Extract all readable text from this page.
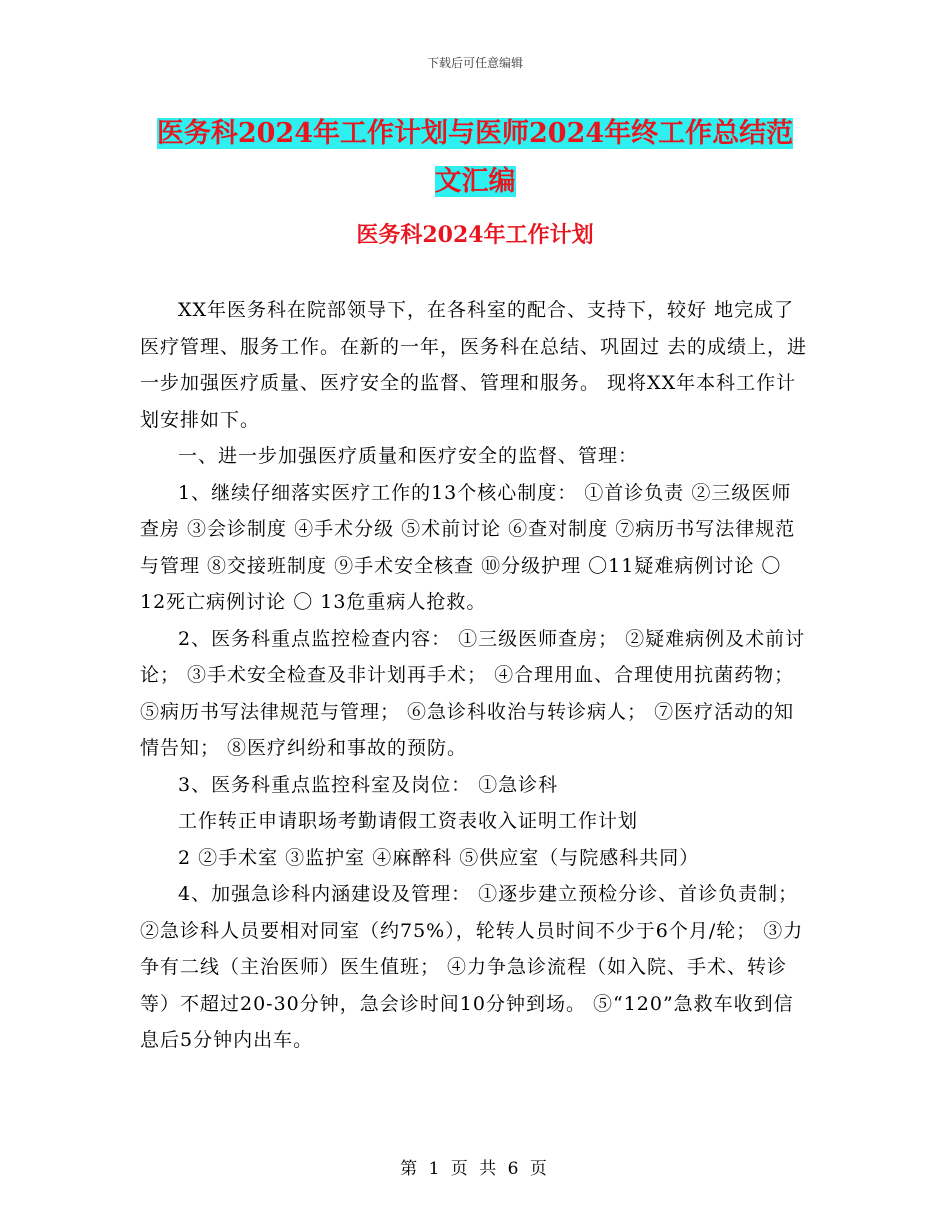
下载后可任意编辑
医务科2024年工作计划与医师2024年终工作总结范
文汇编
医务科2024年工作计划

XX年医务科在院部领导下，在各科室的配合、支持下，较好 地完成了医疗管理、服务工作。在新的一年，医务科在总结、巩固过 去的成绩上，进一步加强医疗质量、医疗安全的监督、管理和服务。 现将XX年本科工作计划安排如下。

一、进一步加强医疗质量和医疗安全的监督、管理：

1、继续仔细落实医疗工作的13个核心制度： ①首诊负责 ②三级医师查房 ③会诊制度 ④手术分级 ⑤术前讨论 ⑥查对制度 ⑦病历书写法律规范与管理 ⑧交接班制度 ⑨手术安全核查 ⑩分级护理 〇11疑难病例讨论 〇 12死亡病例讨论 〇 13危重病人抢救。

2、医务科重点监控检查内容： ①三级医师查房； ②疑难病例及术前讨论； ③手术安全检查及非计划再手术； ④合理用血、合理使用抗菌药物； ⑤病历书写法律规范与管理； ⑥急诊科收治与转诊病人； ⑦医疗活动的知情告知； ⑧医疗纠纷和事故的预防。

3、医务科重点监控科室及岗位： ①急诊科

工作转正申请职场考勤请假工资表收入证明工作计划

2 ②手术室 ③监护室 ④麻醉科 ⑤供应室（与院感科共同）

4、加强急诊科内涵建设及管理： ①逐步建立预检分诊、首诊负责制； ②急诊科人员要相对同室（约75%），轮转人员时间不少于6个月/轮； ③力争有二线（主治医师）医生值班； ④力争急诊流程（如入院、手术、转诊等）不超过20-30分钟，急会诊时间10分钟到场。 ⑤“120”急救车收到信息后5分钟内出车。

第 1 页 共 6 页
